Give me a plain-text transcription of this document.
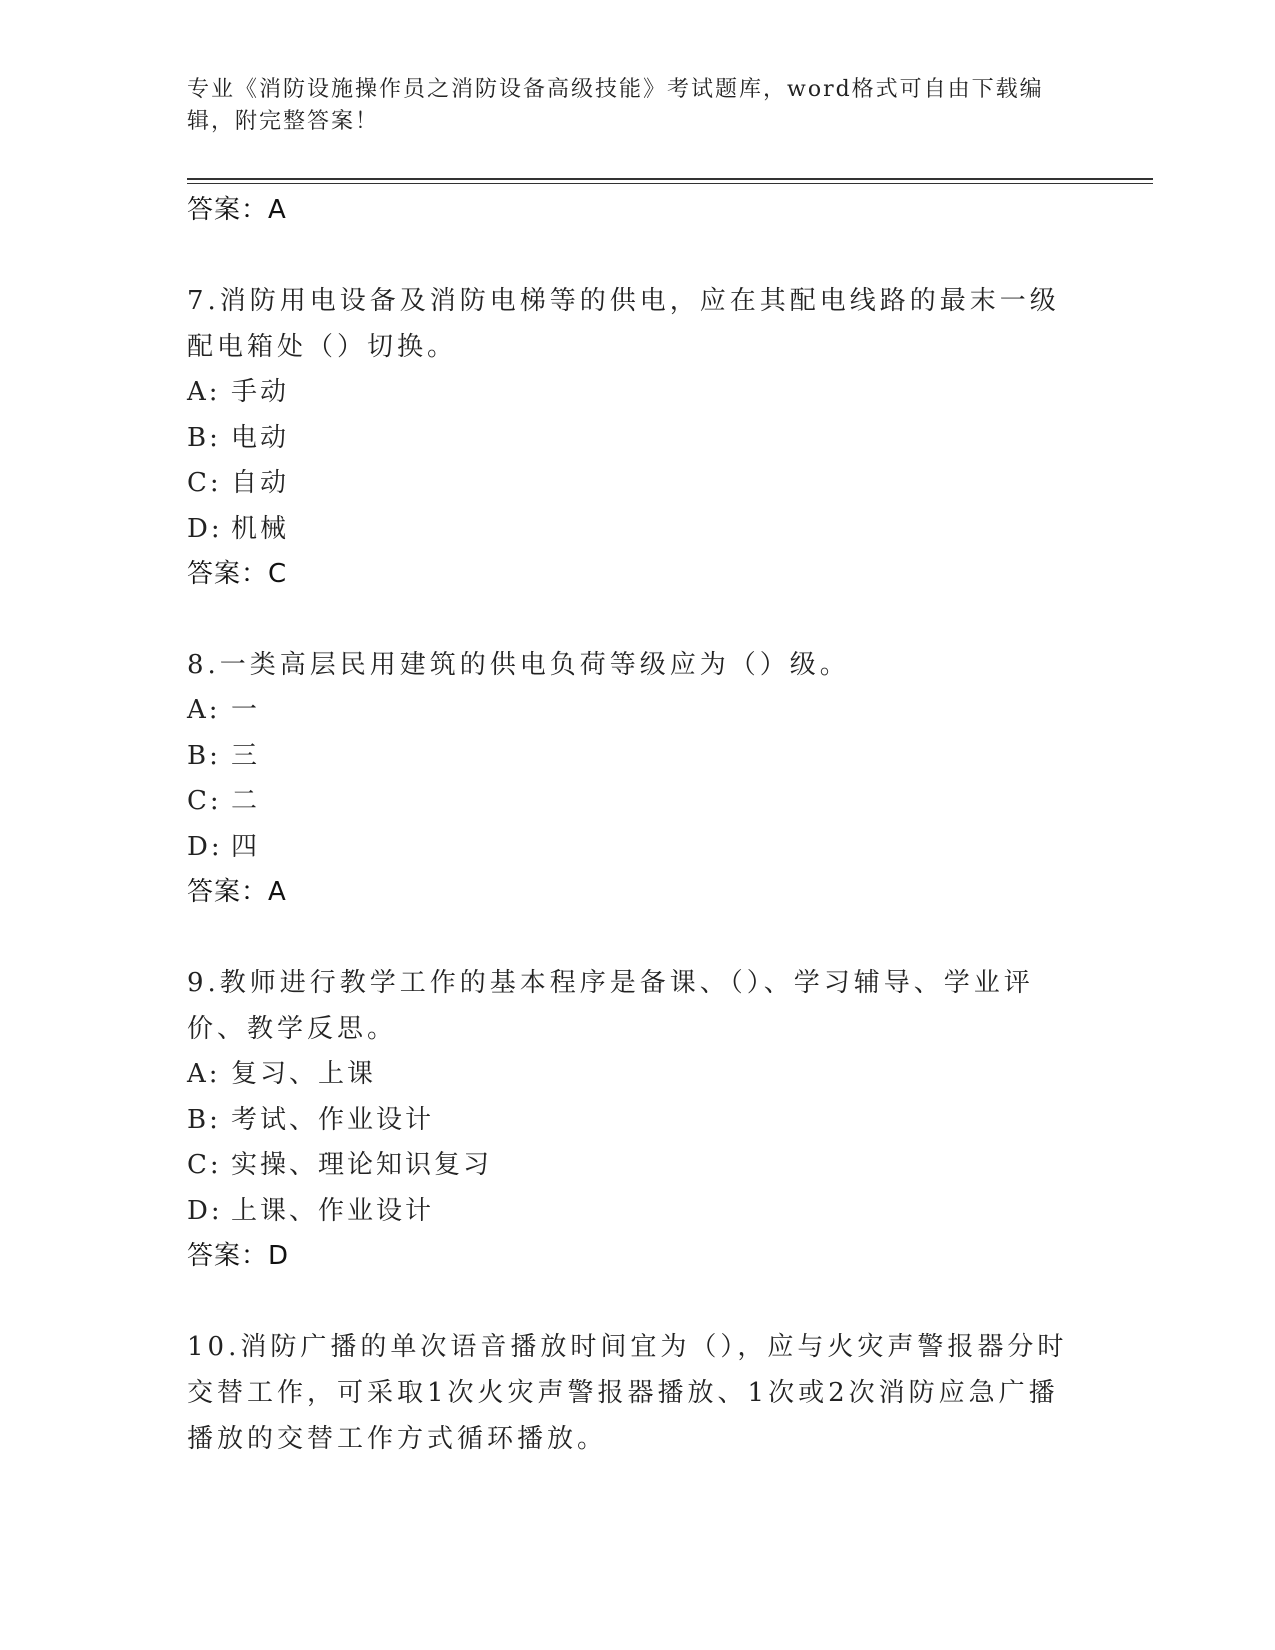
专业《消防设施操作员之消防设备高级技能》考试题库，word格式可自由下载编辑，附完整答案！
答案：A
7.消防用电设备及消防电梯等的供电，应在其配电线路的最末一级配电箱处（）切换。
A: 手动
B: 电动
C: 自动
D: 机械
答案：C
8.一类高层民用建筑的供电负荷等级应为（）级。
A: 一
B: 三
C: 二
D: 四
答案：A
9.教师进行教学工作的基本程序是备课、（）、学习辅导、学业评价、教学反思。
A: 复习、上课
B: 考试、作业设计
C: 实操、理论知识复习
D: 上课、作业设计
答案：D
10.消防广播的单次语音播放时间宜为（），应与火灾声警报器分时交替工作，可采取1次火灾声警报器播放、1次或2次消防应急广播播放的交替工作方式循环播放。
